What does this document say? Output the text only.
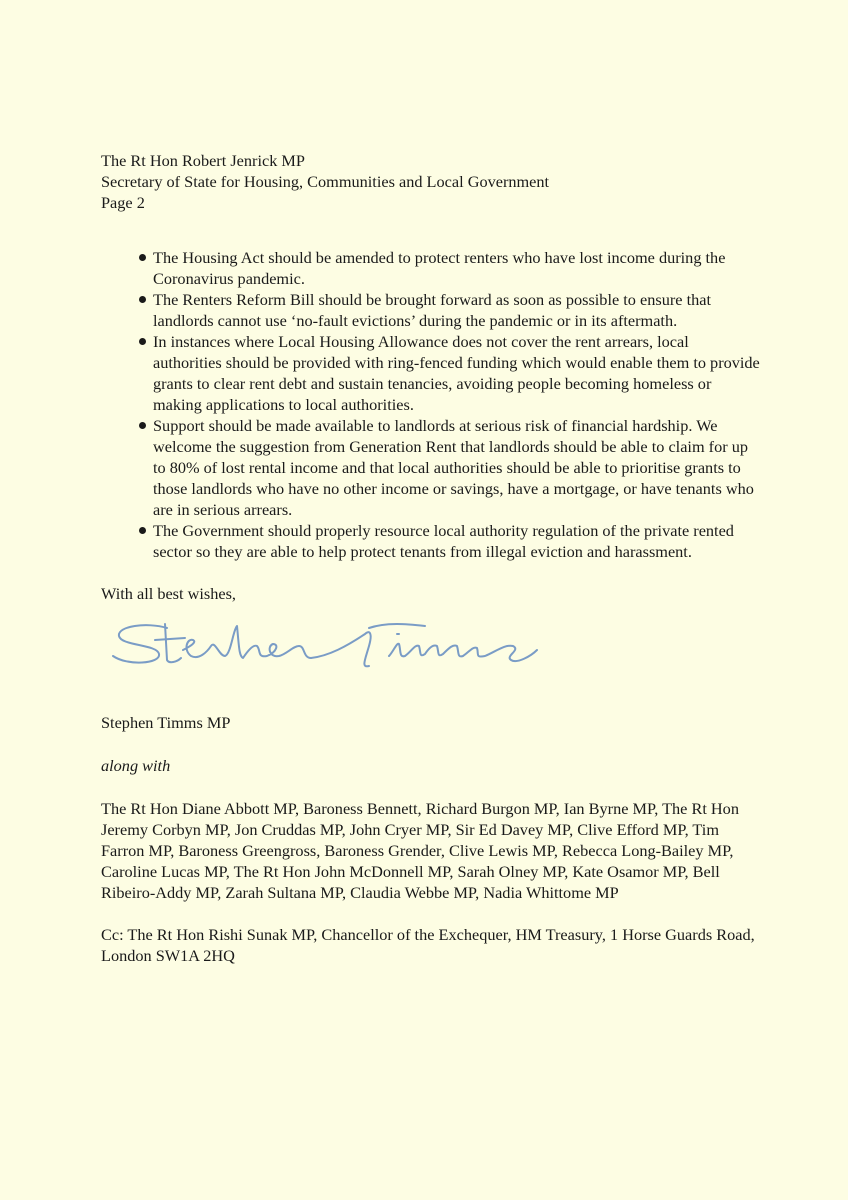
The Rt Hon Robert Jenrick MP
Secretary of State for Housing, Communities and Local Government
Page 2
The Housing Act should be amended to protect renters who have lost income during the Coronavirus pandemic.
The Renters Reform Bill should be brought forward as soon as possible to ensure that landlords cannot use ‘no-fault evictions’ during the pandemic or in its aftermath.
In instances where Local Housing Allowance does not cover the rent arrears, local authorities should be provided with ring-fenced funding which would enable them to provide grants to clear rent debt and sustain tenancies, avoiding people becoming homeless or making applications to local authorities.
Support should be made available to landlords at serious risk of financial hardship. We welcome the suggestion from Generation Rent that landlords should be able to claim for up to 80% of lost rental income and that local authorities should be able to prioritise grants to those landlords who have no other income or savings, have a mortgage, or have tenants who are in serious arrears.
The Government should properly resource local authority regulation of the private rented sector so they are able to help protect tenants from illegal eviction and harassment.
With all best wishes,
Stephen Timms MP
along with
The Rt Hon Diane Abbott MP, Baroness Bennett, Richard Burgon MP, Ian Byrne MP, The Rt Hon Jeremy Corbyn MP, Jon Cruddas MP, John Cryer MP, Sir Ed Davey MP, Clive Efford MP, Tim Farron MP, Baroness Greengross, Baroness Grender, Clive Lewis MP, Rebecca Long-Bailey MP, Caroline Lucas MP, The Rt Hon John McDonnell MP, Sarah Olney MP, Kate Osamor MP, Bell Ribeiro-Addy MP, Zarah Sultana MP, Claudia Webbe MP, Nadia Whittome MP
Cc: The Rt Hon Rishi Sunak MP, Chancellor of the Exchequer, HM Treasury, 1 Horse Guards Road, London SW1A 2HQ
